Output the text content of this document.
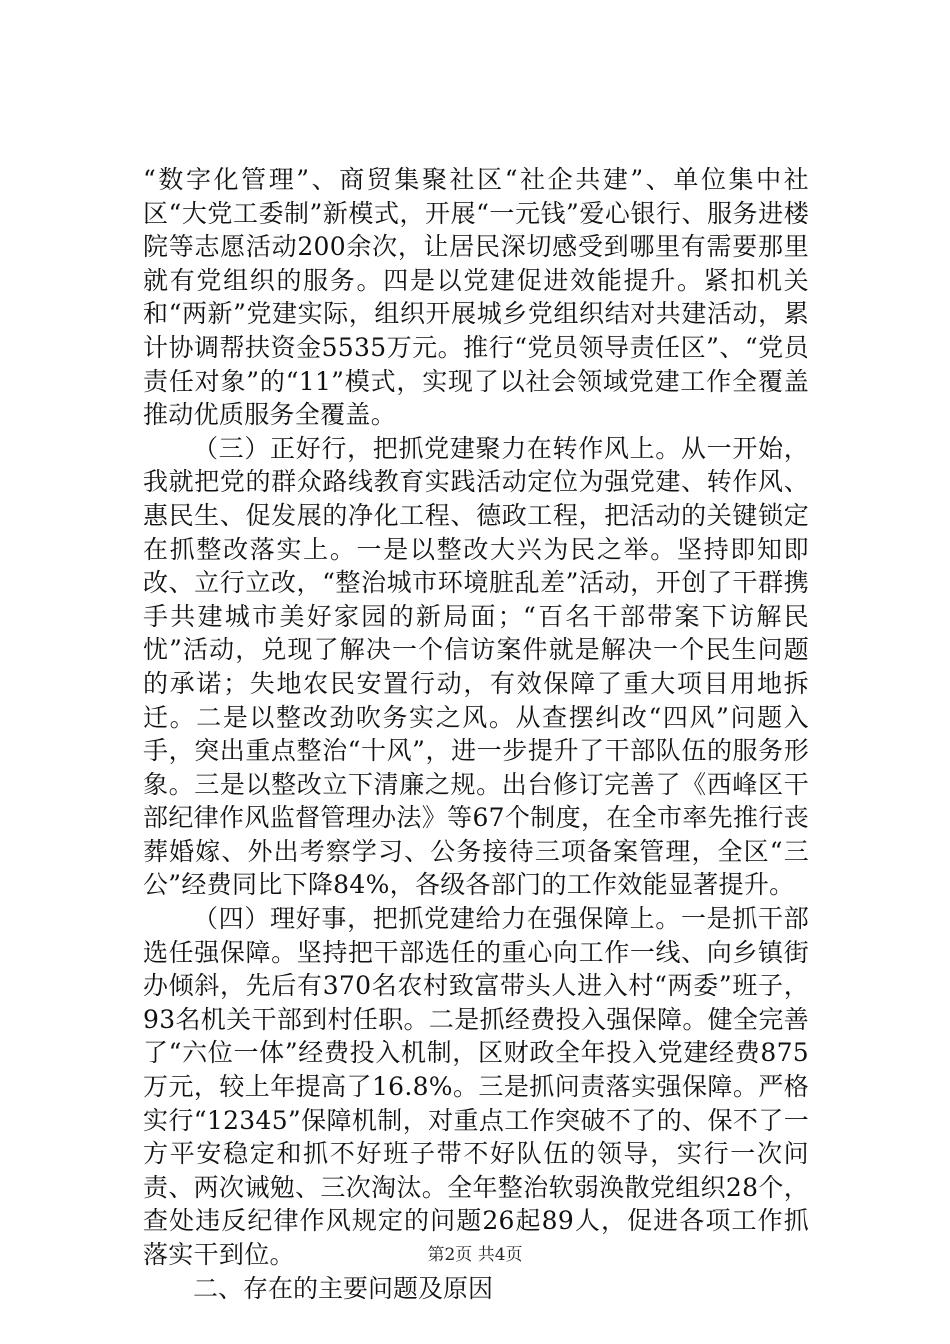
“数字化管理”、商贸集聚社区“社企共建”、单位集中社区“大党工委制”新模式，开展“一元钱”爱心银行、服务进楼院等志愿活动200余次，让居民深切感受到哪里有需要那里就有党组织的服务。四是以党建促进效能提升。紧扣机关和“两新”党建实际，组织开展城乡党组织结对共建活动，累计协调帮扶资金5535万元。推行“党员领导责任区”、“党员责任对象”的“11”模式，实现了以社会领域党建工作全覆盖推动优质服务全覆盖。

（三）正好行，把抓党建聚力在转作风上。从一开始，我就把党的群众路线教育实践活动定位为强党建、转作风、惠民生、促发展的净化工程、德政工程，把活动的关键锁定在抓整改落实上。一是以整改大兴为民之举。坚持即知即改、立行立改，“整治城市环境脏乱差”活动，开创了干群携手共建城市美好家园的新局面；“百名干部带案下访解民忧”活动，兑现了解决一个信访案件就是解决一个民生问题的承诺；失地农民安置行动，有效保障了重大项目用地拆迁。二是以整改劲吹务实之风。从查摆纠改“四风”问题入手，突出重点整治“十风”，进一步提升了干部队伍的服务形象。三是以整改立下清廉之规。出台修订完善了《西峰区干部纪律作风监督管理办法》等67个制度，在全市率先推行丧葬婚嫁、外出考察学习、公务接待三项备案管理，全区“三公”经费同比下降84%，各级各部门的工作效能显著提升。

（四）理好事，把抓党建给力在强保障上。一是抓干部选任强保障。坚持把干部选任的重心向工作一线、向乡镇街办倾斜，先后有370名农村致富带头人进入村“两委”班子，93名机关干部到村任职。二是抓经费投入强保障。健全完善了“六位一体”经费投入机制，区财政全年投入党建经费875万元，较上年提高了16.8%。三是抓问责落实强保障。严格实行“12345”保障机制，对重点工作突破不了的、保不了一方平安稳定和抓不好班子带不好队伍的领导，实行一次问责、两次诫勉、三次淘汰。全年整治软弱涣散党组织28个，查处违反纪律作风规定的问题26起89人，促进各项工作抓落实干到位。

二、存在的主要问题及原因

第2页 共4页
